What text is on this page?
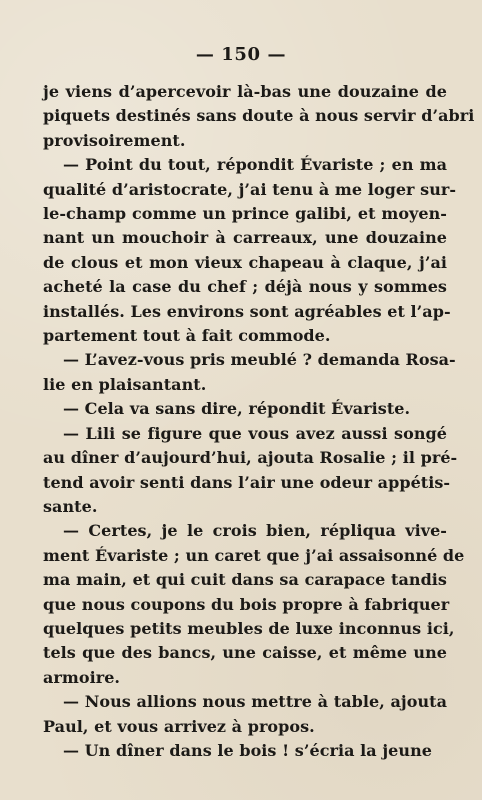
— 150 —
je viens d’apercevoir là-bas une douzaine de
piquets destinés sans doute à nous servir d’abri
provisoirement.
— Point du tout, répondit Évariste ; en ma
qualité d’aristocrate, j’ai tenu à me loger sur-
le-champ comme un prince galibi, et moyen-
nant un mouchoir à carreaux, une douzaine
de clous et mon vieux chapeau à claque, j’ai
acheté la case du chef ; déjà nous y sommes
installés. Les environs sont agréables et l’ap-
partement tout à fait commode.
— L’avez-vous pris meublé ? demanda Rosa-
lie en plaisantant.
— Cela va sans dire, répondit Évariste.
— Lili se figure que vous avez aussi songé
au dîner d’aujourd’hui, ajouta Rosalie ; il pré-
tend avoir senti dans l’air une odeur appétis-
sante.
— Certes, je le crois bien, répliqua vive-
ment Évariste ; un caret que j’ai assaisonné de
ma main, et qui cuit dans sa carapace tandis
que nous coupons du bois propre à fabriquer
quelques petits meubles de luxe inconnus ici,
tels que des bancs, une caisse, et même une
armoire.
— Nous allions nous mettre à table, ajouta
Paul, et vous arrivez à propos.
— Un dîner dans le bois ! s’écria la jeune
